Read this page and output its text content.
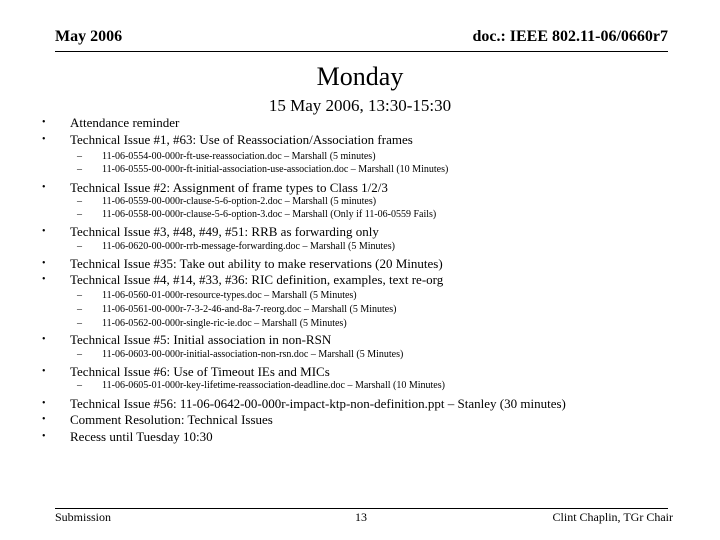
May 2006	doc.: IEEE 802.11-06/0660r7
Monday
15 May 2006, 13:30-15:30
• Attendance reminder
• Technical Issue #1, #63: Use of Reassociation/Association frames
– 11-06-0554-00-000r-ft-use-reassociation.doc – Marshall (5 minutes)
– 11-06-0555-00-000r-ft-initial-association-use-association.doc – Marshall (10 Minutes)
• Technical Issue #2: Assignment of frame types to Class 1/2/3
– 11-06-0559-00-000r-clause-5-6-option-2.doc – Marshall (5 minutes)
– 11-06-0558-00-000r-clause-5-6-option-3.doc – Marshall (Only if 11-06-0559 Fails)
• Technical Issue #3, #48, #49, #51: RRB as forwarding only
– 11-06-0620-00-000r-rrb-message-forwarding.doc – Marshall (5 Minutes)
• Technical Issue #35: Take out ability to make reservations (20 Minutes)
• Technical Issue #4, #14, #33, #36: RIC definition, examples, text re-org
– 11-06-0560-01-000r-resource-types.doc – Marshall (5 Minutes)
– 11-06-0561-00-000r-7-3-2-46-and-8a-7-reorg.doc – Marshall (5 Minutes)
– 11-06-0562-00-000r-single-ric-ie.doc – Marshall (5 Minutes)
• Technical Issue #5: Initial association in non-RSN
– 11-06-0603-00-000r-initial-association-non-rsn.doc – Marshall (5 Minutes)
• Technical Issue #6: Use of Timeout IEs and MICs
– 11-06-0605-01-000r-key-lifetime-reassociation-deadline.doc – Marshall (10 Minutes)
• Technical Issue #56: 11-06-0642-00-000r-impact-ktp-non-definition.ppt – Stanley (30 minutes)
• Comment Resolution: Technical Issues
• Recess until Tuesday 10:30
Submission	13	Clint Chaplin, TGr Chair
